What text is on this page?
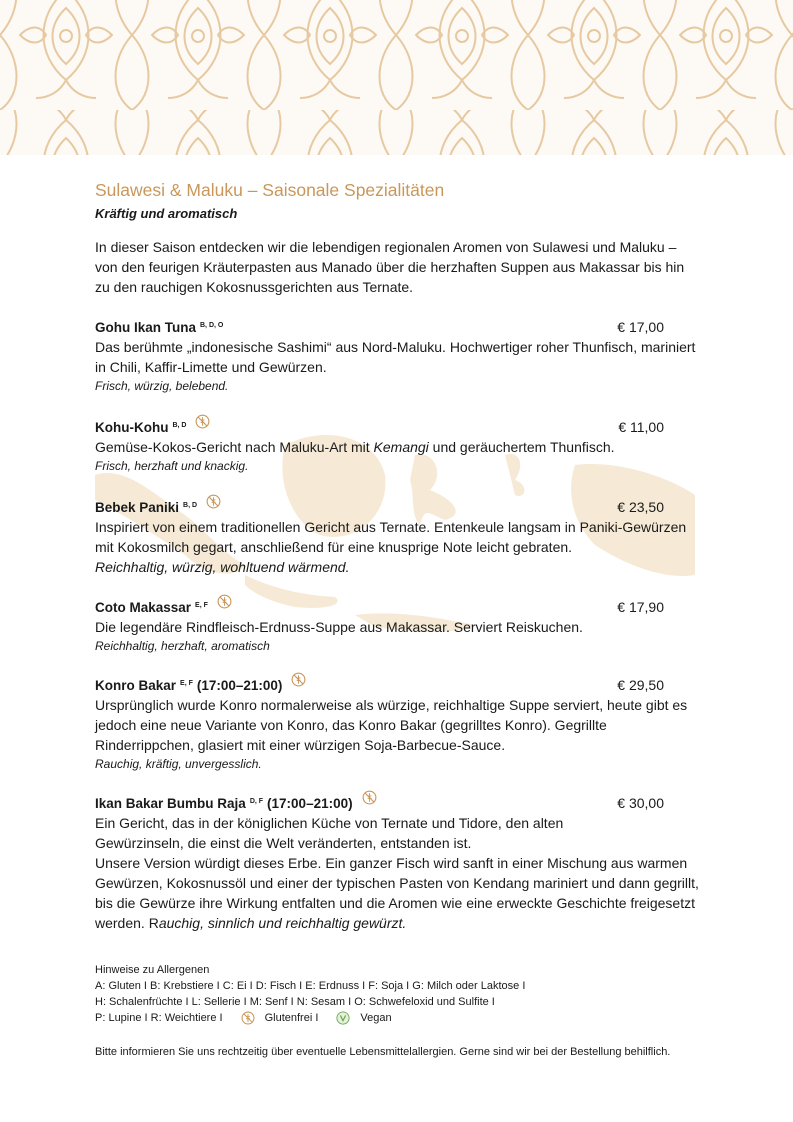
Sulawesi & Maluku – Saisonale Spezialitäten

Kräftig und aromatisch

In dieser Saison entdecken wir die lebendigen regionalen Aromen von Sulawesi und Maluku – von den feurigen Kräuterpasten aus Manado über die herzhaften Suppen aus Makassar bis hin zu den rauchigen Kokosnussgerichten aus Ternate.

Gohu Ikan Tuna $^{B, D, O}$	€ 17,00

Das berühmte „indonesische Sashimi“ aus Nord-Maluku. Hochwertiger roher Thunfisch, mariniert in Chili, Kaffir-Limette und Gewürzen.

Frisch, würzig, belebend.

Kohu-Kohu $^{B, D}$	€ 11,00

Gemüse-Kokos-Gericht nach Maluku-Art mit Kemangi und geräuchertem Thunfisch.

Frisch, herzhaft und knackig.

Bebek Paniki $^{B, D}$	€ 23,50

Inspiriert von einem traditionellen Gericht aus Ternate. Entenkeule langsam in Paniki-Gewürzen mit Kokosmilch gegart, anschließend für eine knusprige Note leicht gebraten.

Reichhaltig, würzig, wohltuend wärmend.

Coto Makassar $^{E, F}$	€ 17,90

Die legendäre Rindfleisch-Erdnuss-Suppe aus Makassar. Serviert Reiskuchen.

Reichhaltig, herzhaft, aromatisch

Konro Bakar $^{E, F}$ (17:00–21:00)	€ 29,50

Ursprünglich wurde Konro normalerweise als würzige, reichhaltige Suppe serviert, heute gibt es jedoch eine neue Variante von Konro, das Konro Bakar (gegrilltes Konro). Gegrillte Rinderrippchen, glasiert mit einer würzigen Soja-Barbecue-Sauce.

Rauchig, kräftig, unvergesslich.

Ikan Bakar Bumbu Raja $^{D, F}$ (17:00–21:00)	€ 30,00

Ein Gericht, das in der königlichen Küche von Ternate und Tidore, den alten Gewürzinseln, die einst die Welt veränderten, entstanden ist.

Unsere Version würdigt dieses Erbe. Ein ganzer Fisch wird sanft in einer Mischung aus warmen Gewürzen, Kokosnussöl und einer der typischen Pasten von Kendang mariniert und dann gegrillt, bis die Gewürze ihre Wirkung entfalten und die Aromen wie eine erweckte Geschichte freigesetzt werden. Rauchig, sinnlich und reichhaltig gewürzt.

Hinweise zu Allergenen

A: Gluten I B: Krebstiere I C: Ei I D: Fisch I E: Erdnuss I F: Soja I G: Milch oder Laktose I

H: Schalenfrüchte I L: Sellerie I M: Senf I N: Sesam I O: Schwefeloxid und Sulfite I

P: Lupine I R: Weichtiere I	Glutenfrei I	Vegan

Bitte informieren Sie uns rechtzeitig über eventuelle Lebensmittelallergien. Gerne sind wir bei der Bestellung behilflich.
